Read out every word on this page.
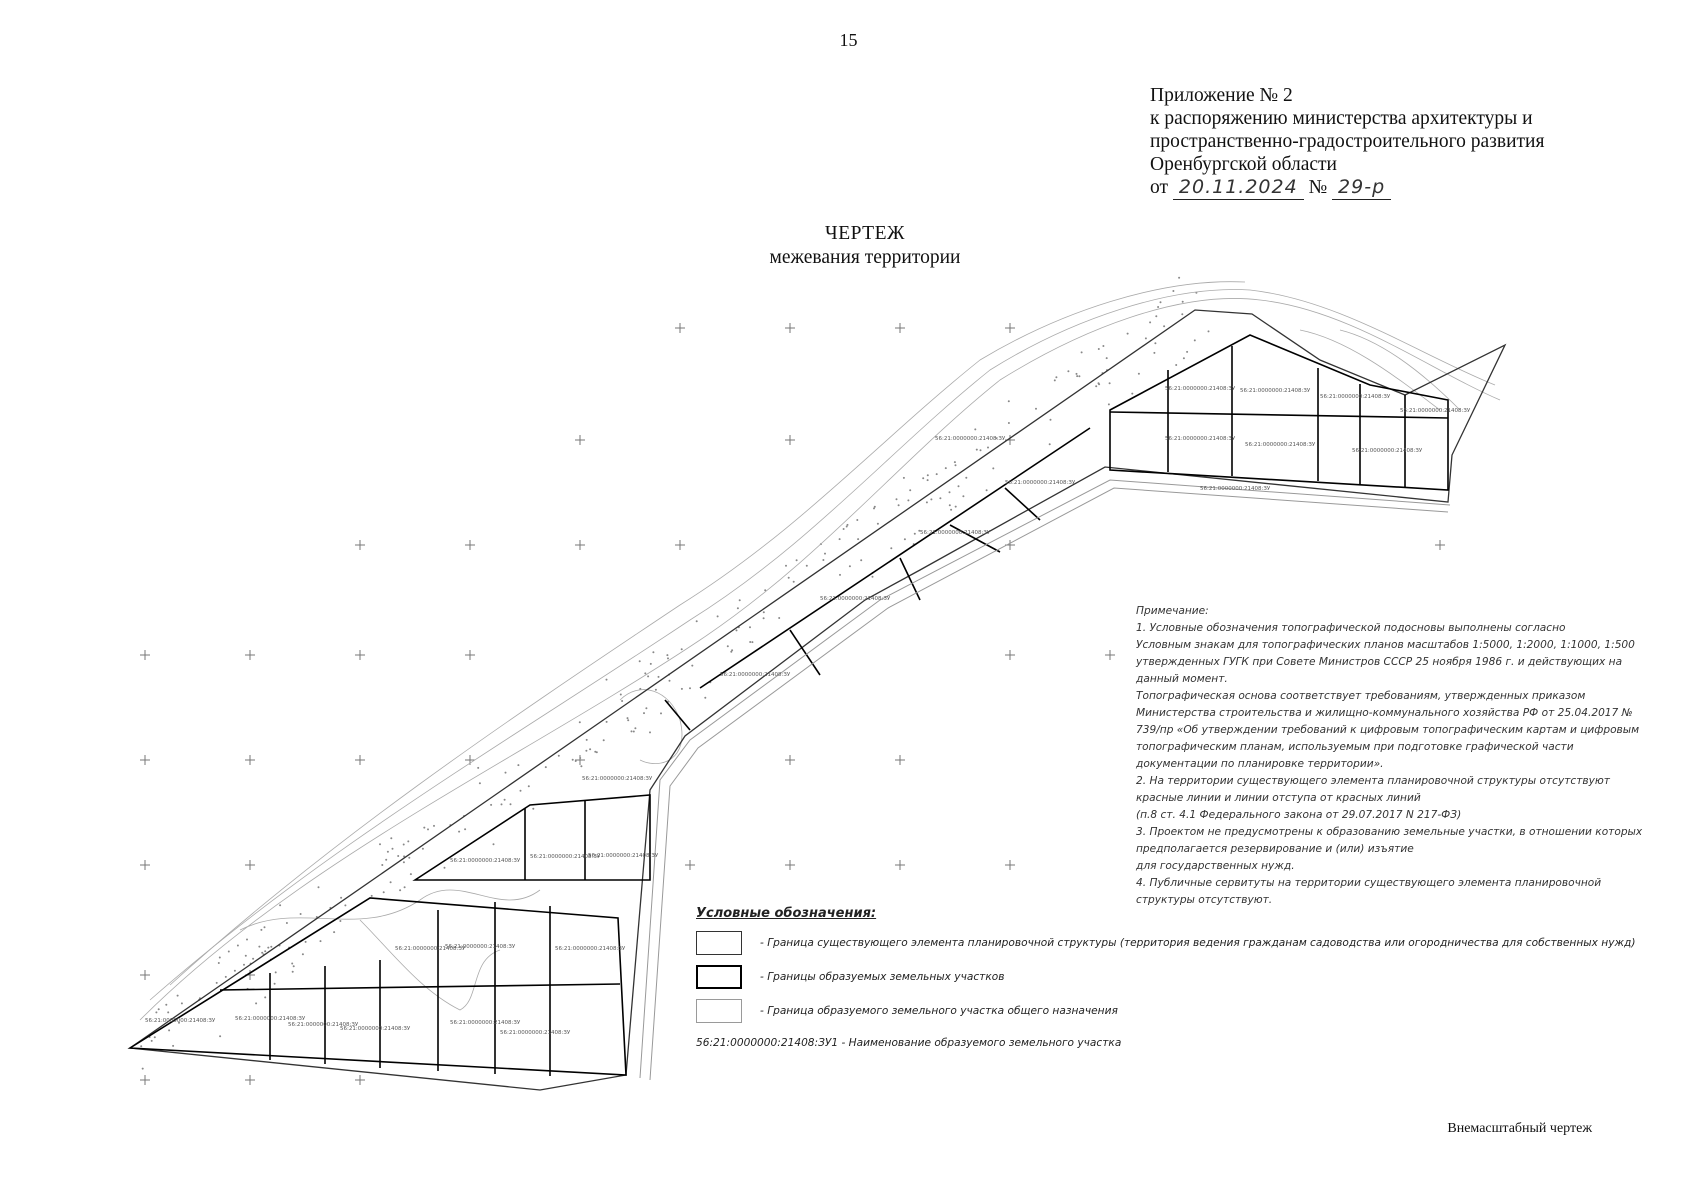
15
Приложение № 2
к распоряжению министерства архитектуры и
пространственно-градостроительного развития
Оренбургской области
от 20.11.2024 № 29-р
ЧЕРТЕЖ
межевания территории
56:21:0000000:21408:ЗУ	56:21:0000000:21408:ЗУ
56:21:0000000:21408:ЗУ
56:21:0000000:21408:ЗУ
56:21:0000000:21408:ЗУ
56:21:0000000:21408:ЗУ
56:21:0000000:21408:ЗУ
56:21:0000000:21408:ЗУ	56:21:0000000:21408:ЗУ
56:21:0000000:21408:ЗУ
56:21:0000000:21408:ЗУ
56:21:0000000:21408:ЗУ
56:21:0000000:21408:ЗУ
56:21:0000000:21408:ЗУ
56:21:0000000:21408:ЗУ
56:21:0000000:21408:ЗУ
56:21:0000000:21408:ЗУ
56:21:0000000:21408:ЗУ
56:21:0000000:21408:ЗУ 56:21:0000000:21408:ЗУ
56:21:0000000:21408:ЗУ
56:21:0000000:21408:ЗУ
56:21:0000000:21408:ЗУ
56:21:0000000:21408:ЗУ
56:21:0000000:21408:ЗУ
56:21:0000000:21408:ЗУ
Примечание:
1. Условные обозначения топографической подосновы выполнены согласно
Условным знакам для топографических планов масштабов 1:5000, 1:2000, 1:1000, 1:500
утвержденных ГУГК при Совете Министров СССР 25 ноября 1986 г. и действующих на
данный момент.
Топографическая основа соответствует требованиям, утвержденных приказом
Министерства строительства и жилищно-коммунального хозяйства РФ от 25.04.2017 №
739/пр «Об утверждении требований к цифровым топографическим картам и цифровым
топографическим планам, используемым при подготовке графической части
документации по планировке территории».
2. На территории существующего элемента планировочной структуры отсутствуют
красные линии и линии отступа от красных линий
(п.8 ст. 4.1 Федерального закона от 29.07.2017 N 217-ФЗ)
3. Проектом не предусмотрены к образованию земельные участки, в отношении которых
предполагается резервирование и (или) изъятие
для государственных нужд.
4. Публичные сервитуты на территории существующего элемента планировочной
структуры отсутствуют.
Условные обозначения:
- Граница существующего элемента планировочной структуры (территория ведения гражданам садоводства или огородничества для собственных нужд)
- Границы образуемых земельных участков
- Граница образуемого земельного участка общего назначения
56:21:0000000:21408:ЗУ1 - Наименование образуемого земельного участка
Внемасштабный чертеж
